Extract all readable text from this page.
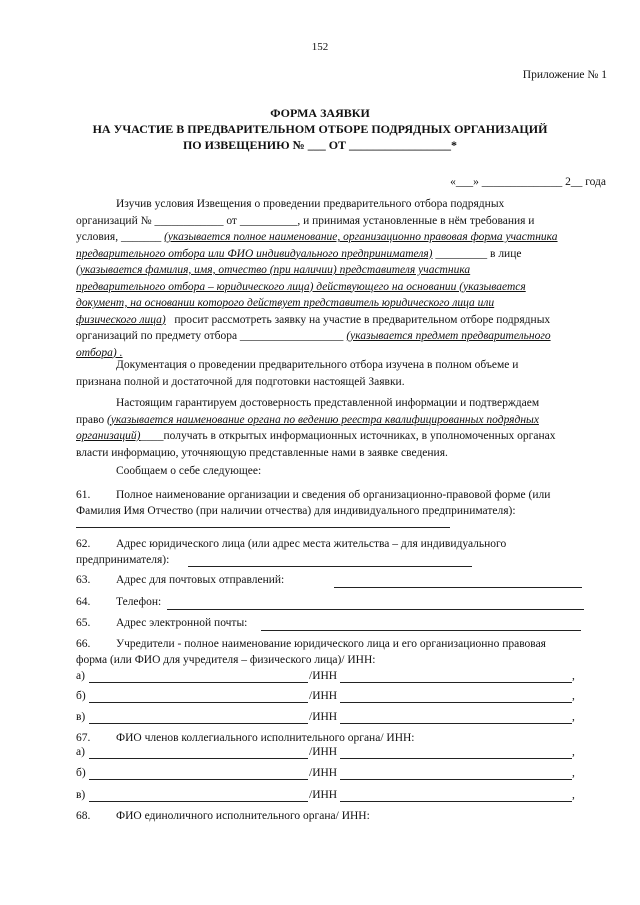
152
Приложение № 1
ФОРМА ЗАЯВКИ
НА УЧАСТИЕ В ПРЕДВАРИТЕЛЬНОМ ОТБОРЕ ПОДРЯДНЫХ ОРГАНИЗАЦИЙ
ПО ИЗВЕЩЕНИЮ № ___ ОТ _________________*
«___» ______________ 2__ года
Изучив условия Извещения о проведении предварительного отбора подрядных
организаций № ____________ от __________, и принимая установленные в нём требования и
условия, _______ (указывается полное наименование, организационно правовая форма участника
предварительного отбора или ФИО индивидуального предпринимателя) _________ в лице
(указывается фамилия, имя, отчество (при наличии) представителя участника
предварительного отбора – юридического лица) действующего на основании (указывается
документ, на основании которого действует представитель юридического лица или
физического лица) просит рассмотреть заявку на участие в предварительном отборе подрядных
организаций по предмету отбора __________________ (указывается предмет предварительного
отбора) .
Документация о проведении предварительного отбора изучена в полном объеме и
признана полной и достаточной для подготовки настоящей Заявки.
Настоящим гарантируем достоверность представленной информации и подтверждаем
право (указывается наименование органа по ведению реестра квалифицированных подрядных
организаций)____получать в открытых информационных источниках, в уполномоченных органах
власти информацию, уточняющую представленные нами в заявке сведения.
Сообщаем о себе следующее:
61. Полное наименование организации и сведения об организационно-правовой форме (или
Фамилия Имя Отчество (при наличии отчества) для индивидуального предпринимателя):
62. Адрес юридического лица (или адрес места жительства – для индивидуального
предпринимателя):
63. Адрес для почтовых отправлений:
64. Телефон:
65. Адрес электронной почты:
66. Учредители - полное наименование юридического лица и его организационно правовая
форма (или ФИО для учредителя – физического лица)/ ИНН:
а)	/ИНН	,
б)	/ИНН	,
в)	/ИНН	,
67. ФИО членов коллегиального исполнительного органа/ ИНН:
а)	/ИНН	,
б)	/ИНН	,
в)	/ИНН	,
68. ФИО единоличного исполнительного органа/ ИНН:
